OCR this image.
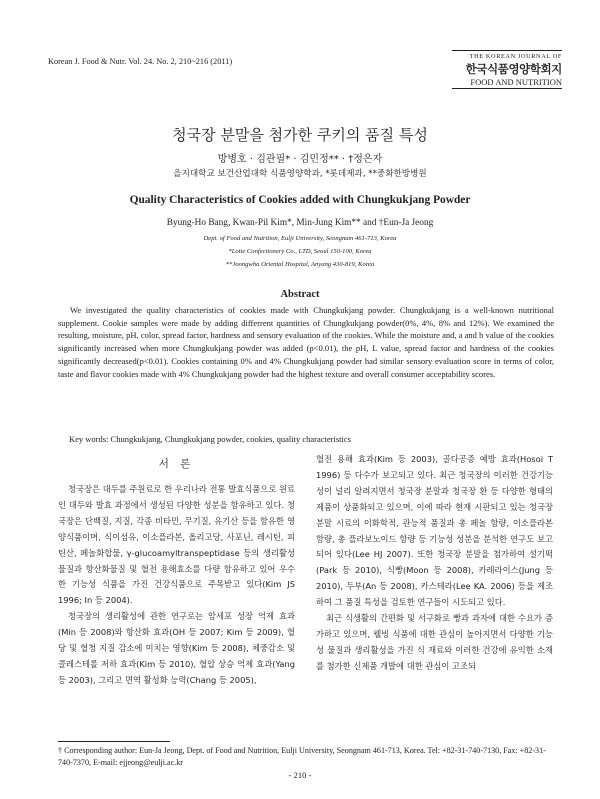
Korean J. Food & Nutr. Vol. 24. No. 2, 210~216 (2011)
THE KOREAN JOURNAL OF
한국식품영양학회지
FOOD AND NUTRITION
청국장 분말을 첨가한 쿠키의 품질 특성
방병호 · 김관필* · 김민정** · †정은자
을지대학교 보건산업대학 식품영양학과, *롯데제과, **중화한방병원
Quality Characteristics of Cookies added with Chungkukjang Powder
Byung-Ho Bang, Kwan-Pil Kim*, Min-Jung Kim** and †Eun-Ja Jeong
Dept. of Food and Nutrition, Eulji University, Seongnam 461-713, Korea
*Lotte Confectionery Co., LTD, Seoul 150-100, Korea
**Joongwha Oriental Hospital, Anyang 430-819, Korea
Abstract
We investigated the quality characteristics of cookies made with Chungkukjang powder. Chungkukjang is a well-known nutritional supplement. Cookie samples were made by adding differrent quantities of Chungkukjang powder(0%, 4%, 8% and 12%). We examined the resulting, moisture, pH, color, spread factor, hardness and sensory evaluation of the cookies. While the moisture and, a and b value of the cookies significantly increased when more Chungkukjang powder was added (p<0.01), the pH, L value, spread factor and hardness of the cookies significantly decreased(p<0.01). Cookies containing 0% and 4% Chungkukjang powder had similar sensory evaluation score in terms of color, taste and flavor cookies made with 4% Chungkukjang powder had the highest texture and overall consumer acceptability scores.
Key words: Chungkukjang, Chungkukjang powder, cookies, quality characteristics
서 론

청국장은 대두를 주원료로 한 우리나라 전통 발효식품으로 원료인 대두와 발효 과정에서 생성된 다양한 성분을 함유하고 있다. 청국장은 단백질, 지질, 각종 비타민, 무기질, 유기산 등을 함유한 영양식품이며, 식이섬유, 이소플라본, 올리고당, 사포닌, 레시틴, 피틴산, 페놀화합물, γ-glucoamyltranspeptidase 등의 생리활성물질과 항산화물질 및 혈전 용해효소를 다량 함유하고 있어 우수한 기능성 식품을 가진 건강식품으로 주목받고 있다(Kim JS 1996; In 등 2004).

청국장의 생리활성에 관한 연구로는 암세포 성장 억제 효과(Min 등 2008)와 항산화 효과(OH 등 2007; Kim 등 2009), 혈당 및 혈청 지질 감소에 미치는 영향(Kim 등 2008), 체중감소 및 콜레스테롤 저하 효과(Kim 등 2010), 혈압 상승 억제 효과(Yang 등 2003), 그리고 면역 활성화 능력(Chang 등 2005),

혈전 용해 효과(Kim 등 2003), 골다공증 예방 효과(Hosoi T 1996) 등 다수가 보고되고 있다. 최근 청국장의 이러한 건강기능성이 널리 알려지면서 청국장 분말과 청국장 환 등 다양한 형태의 제품이 상품화되고 있으며, 이에 따라 현재 시판되고 있는 청국장 분말 시료의 이화학적, 관능적 품질과 총 페놀 함량, 이소플라본 함량, 총 플라보노이드 함량 등 기능성 성분을 분석한 연구도 보고되어 있다(Lee HJ 2007). 또한 청국장 분말을 첨가하여 설기떡(Park 등 2010), 식빵(Moon 등 2008), 카레라이스(Jung 등 2010), 두부(An 등 2008), 카스테라(Lee KA. 2006) 등을 제조하여 그 품질 특성을 검토한 연구들이 시도되고 있다.

최근 식생활의 간편화 및 서구화로 빵과 과자에 대한 수요가 증가하고 있으며, 웰빙 식품에 대한 관심이 높아지면서 다양한 기능성 물질과 생리활성을 가진 식 재료와 이러한 건강에 유익한 소재를 첨가한 신제품 개발에 대한 관심이 고조되

† Corresponding author: Eun-Ja Jeong, Dept. of Food and Nutrition, Eulji University, Seongnam 461-713, Korea. Tel: +82-31-740-7130, Fax: +82-31-740-7370, E-mail: ejjeong@eulji.ac.kr
- 210 -
